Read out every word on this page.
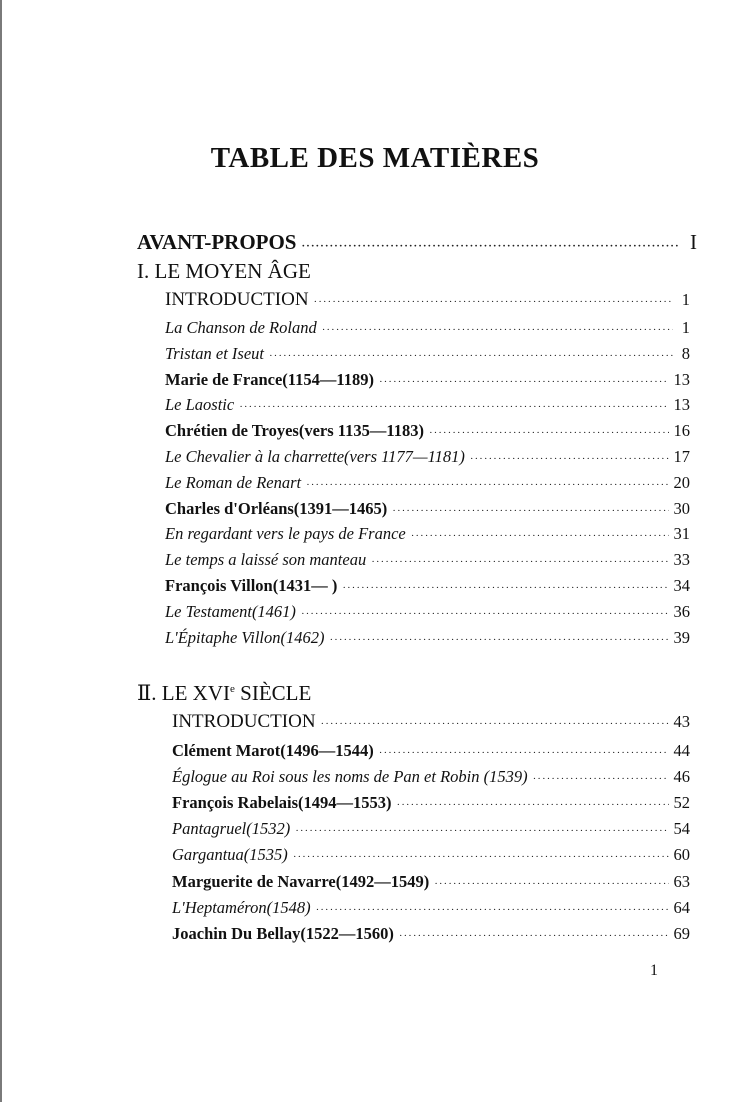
TABLE DES MATIÈRES
AVANT-PROPOS ·····	I
I. LE MOYEN ÂGE
INTRODUCTION ·····	1
La Chanson de Roland ·····	1
Tristan et Iseut ·····	8
Marie de France(1154—1189) ·····	13
Le Laostic ·····	13
Chrétien de Troyes(vers 1135—1183) ·····	16
Le Chevalier à la charrette(vers 1177—1181) ·····	17
Le Roman de Renart ·····	20
Charles d'Orléans(1391—1465) ·····	30
En regardant vers le pays de France ·····	31
Le temps a laissé son manteau ·····	33
François Villon(1431— ) ·····	34
Le Testament(1461) ·····	36
L'Épitaphe Villon(1462) ·····	39
Ⅱ. LE XVIe SIÈCLE
INTRODUCTION ·····	43
Clément Marot(1496—1544) ·····	44
Églogue au Roi sous les noms de Pan et Robin (1539) ·····	46
François Rabelais(1494—1553) ·····	52
Pantagruel(1532) ·····	54
Gargantua(1535) ·····	60
Marguerite de Navarre(1492—1549) ·····	63
L'Heptaméron(1548) ·····	64
Joachin Du Bellay(1522—1560) ·····	69
1
